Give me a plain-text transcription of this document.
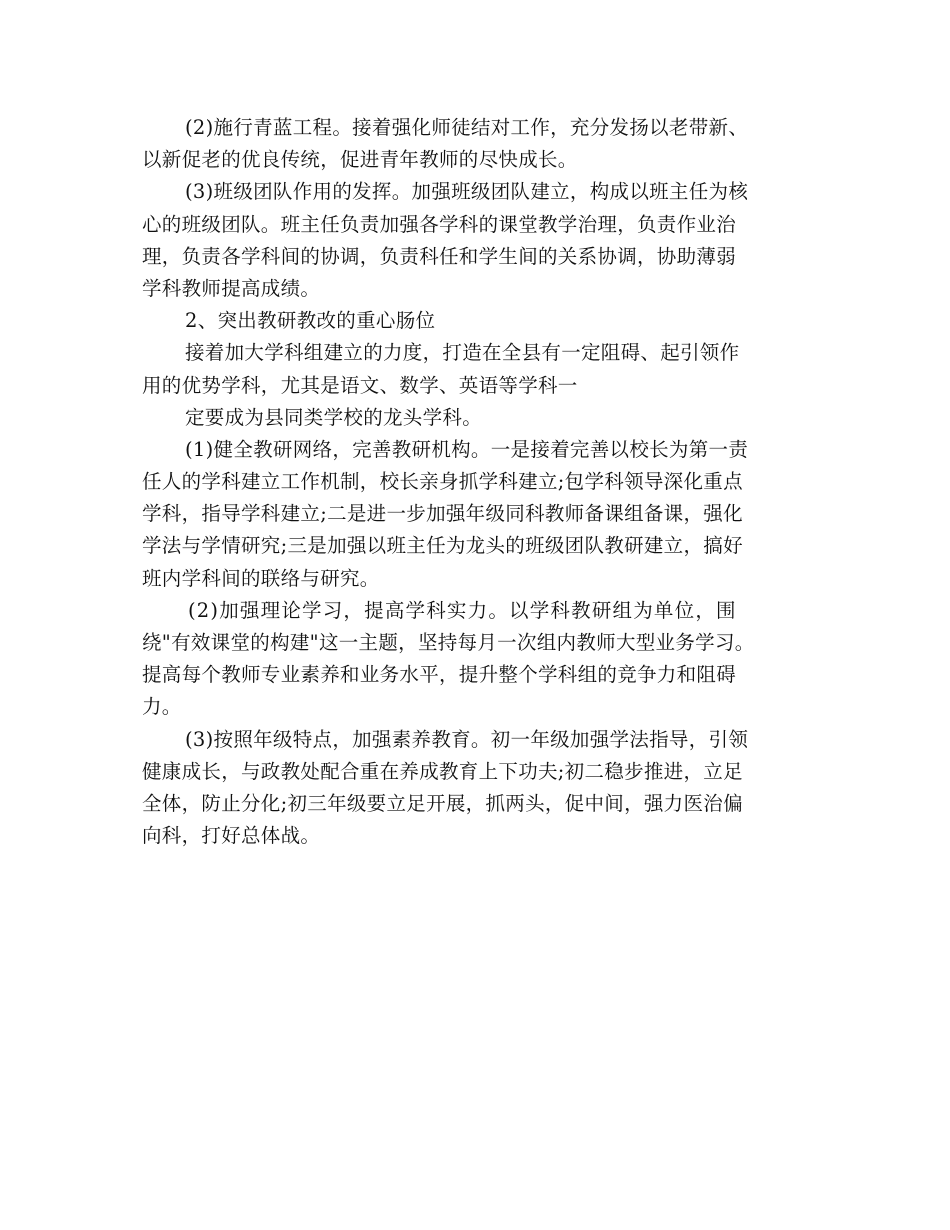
(2)施行青蓝工程。接着强化师徒结对工作，充分发扬以老带新、
以新促老的优良传统，促进青年教师的尽快成长。
(3)班级团队作用的发挥。加强班级团队建立，构成以班主任为核
心的班级团队。班主任负责加强各学科的课堂教学治理，负责作业治
理，负责各学科间的协调，负责科任和学生间的关系协调，协助薄弱
学科教师提高成绩。
2、突出教研教改的重心肠位
接着加大学科组建立的力度，打造在全县有一定阻碍、起引领作
用的优势学科，尤其是语文、数学、英语等学科一
定要成为县同类学校的龙头学科。
(1)健全教研网络，完善教研机构。一是接着完善以校长为第一责
任人的学科建立工作机制，校长亲身抓学科建立;包学科领导深化重点
学科，指导学科建立;二是进一步加强年级同科教师备课组备课，强化
学法与学情研究;三是加强以班主任为龙头的班级团队教研建立，搞好
班内学科间的联络与研究。
(2)加强理论学习，提高学科实力。以学科教研组为单位，围
绕"有效课堂的构建"这一主题，坚持每月一次组内教师大型业务学习。
提高每个教师专业素养和业务水平，提升整个学科组的竞争力和阻碍
力。
(3)按照年级特点，加强素养教育。初一年级加强学法指导，引领
健康成长，与政教处配合重在养成教育上下功夫;初二稳步推进，立足
全体，防止分化;初三年级要立足开展，抓两头，促中间，强力医治偏
向科，打好总体战。
